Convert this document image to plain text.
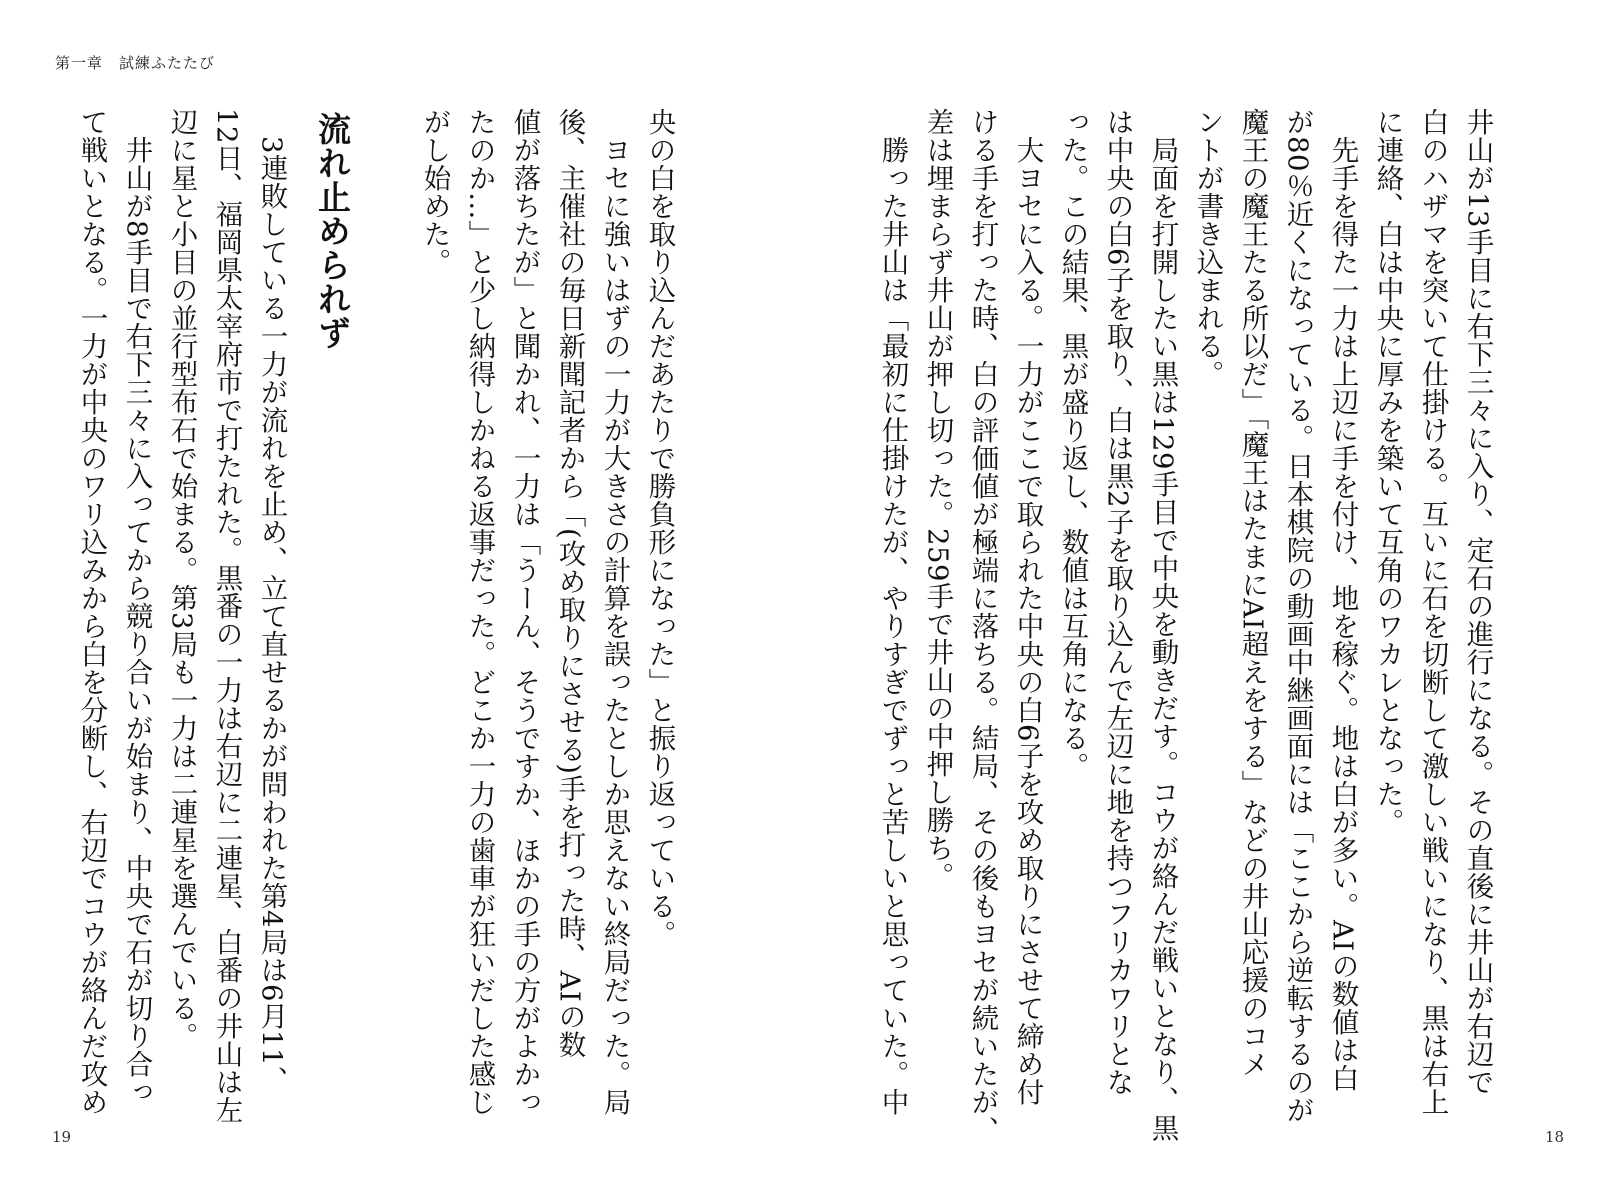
第一章　試練ふたたび
井山が13手目に右下三々に入り、定石の進行になる。その直後に井山が右辺で
白のハザマを突いて仕掛ける。互いに石を切断して激しい戦いになり、黒は右上
に連絡、白は中央に厚みを築いて互角のワカレとなった。
先手を得た一力は上辺に手を付け、地を稼ぐ。地は白が多い。AIの数値は白
が80％近くになっている。日本棋院の動画中継画面には「ここから逆転するのが
魔王の魔王たる所以だ」「魔王はたまにAI超えをする」などの井山応援のコメ
ントが書き込まれる。
局面を打開したい黒は129手目で中央を動きだす。コウが絡んだ戦いとなり、黒
は中央の白6子を取り、白は黒2子を取り込んで左辺に地を持つフリカワリとな
った。この結果、黒が盛り返し、数値は互角になる。
大ヨセに入る。一力がここで取られた中央の白6子を攻め取りにさせて締め付
ける手を打った時、白の評価値が極端に落ちる。結局、その後もヨセが続いたが、
差は埋まらず井山が押し切った。259手で井山の中押し勝ち。
勝った井山は「最初に仕掛けたが、やりすぎでずっと苦しいと思っていた。中
央の白を取り込んだあたりで勝負形になった」と振り返っている。
ヨセに強いはずの一力が大きさの計算を誤ったとしか思えない終局だった。局
後、主催社の毎日新聞記者から「(攻め取りにさせる)手を打った時、AIの数
値が落ちたが」と聞かれ、一力は「うーん、そうですか、ほかの手の方がよかっ
たのか…」と少し納得しかねる返事だった。どこか一力の歯車が狂いだした感じ
がし始めた。
流れ止められず
3連敗している一力が流れを止め、立て直せるかが問われた第4局は6月11、
12日、福岡県太宰府市で打たれた。黒番の一力は右辺に二連星、白番の井山は左
辺に星と小目の並行型布石で始まる。第3局も一力は二連星を選んでいる。
井山が8手目で右下三々に入ってから競り合いが始まり、中央で石が切り合っ
て戦いとなる。一力が中央のワリ込みから白を分断し、右辺でコウが絡んだ攻め
19	18
